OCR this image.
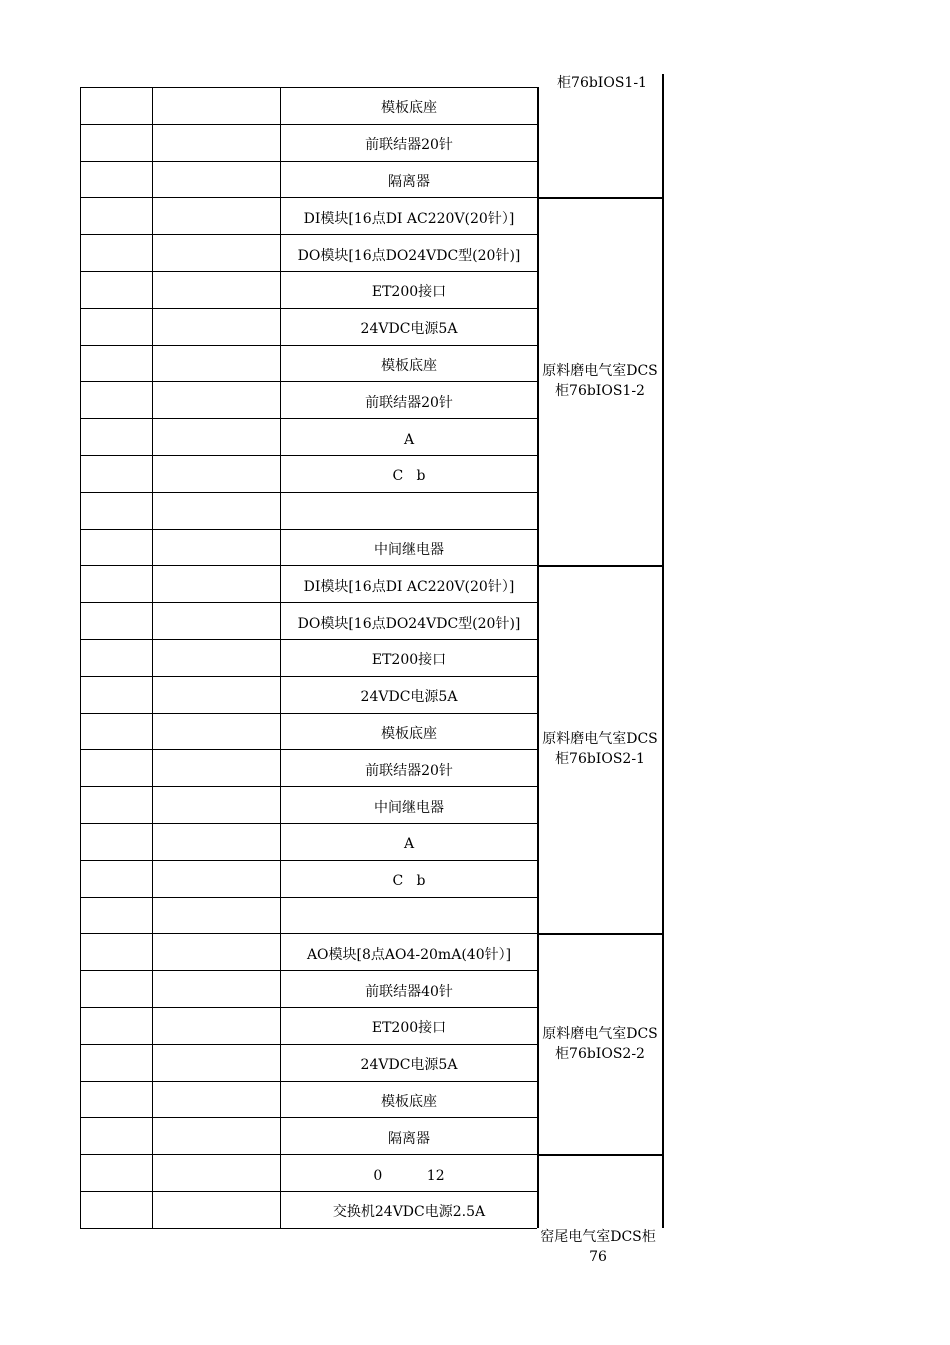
柜76bIOS1-1
模板底座
前联结器20针
隔离器
DI模块[16点DI AC220V(20针）]
DO模块[16点DO24VDC型(20针)]
ET200接口
24VDC电源5A
模板底座
前联结器20针
A
C   b
中间继电器
DI模块[16点DI AC220V(20针）]
DO模块[16点DO24VDC型(20针)]
ET200接口
24VDC电源5A
模板底座
前联结器20针
中间继电器
A
C   b
AO模块[8点AO4-20mA(40针）]
前联结器40针
ET200接口
24VDC电源5A
模板底座
隔离器
0          12
交换机24VDC电源2.5A
原料磨电气室DCS
柜76bIOS1-2
原料磨电气室DCS
柜76bIOS2-1
原料磨电气室DCS
柜76bIOS2-2
窑尾电气室DCS柜
76
